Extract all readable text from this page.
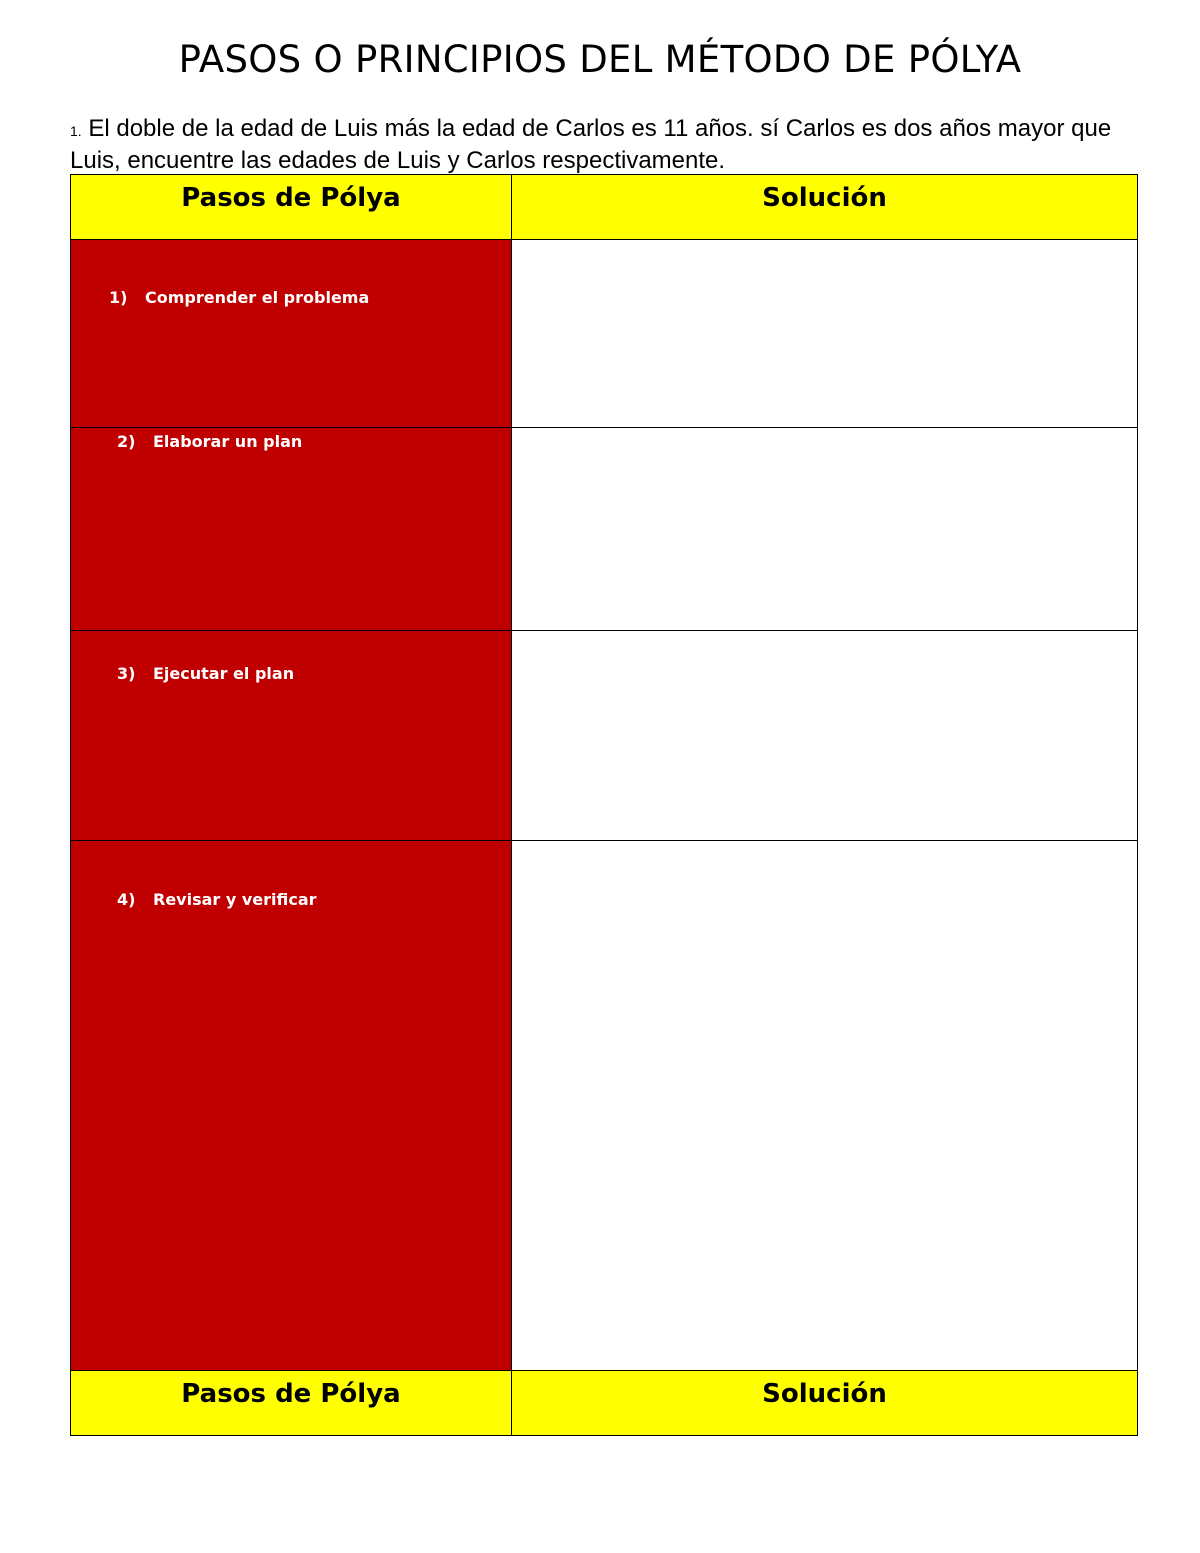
PASOS O PRINCIPIOS DEL MÉTODO DE PÓLYA
1. El doble de la edad de Luis más la edad de Carlos es 11 años. sí Carlos es dos años mayor que Luis, encuentre las edades de Luis y Carlos respectivamente.
Pasos de Pólya	Solución

1) Comprender el problema	

2) Elaborar un plan	

3) Ejecutar el plan	

4) Revisar y verificar	

Pasos de Pólya	Solución
